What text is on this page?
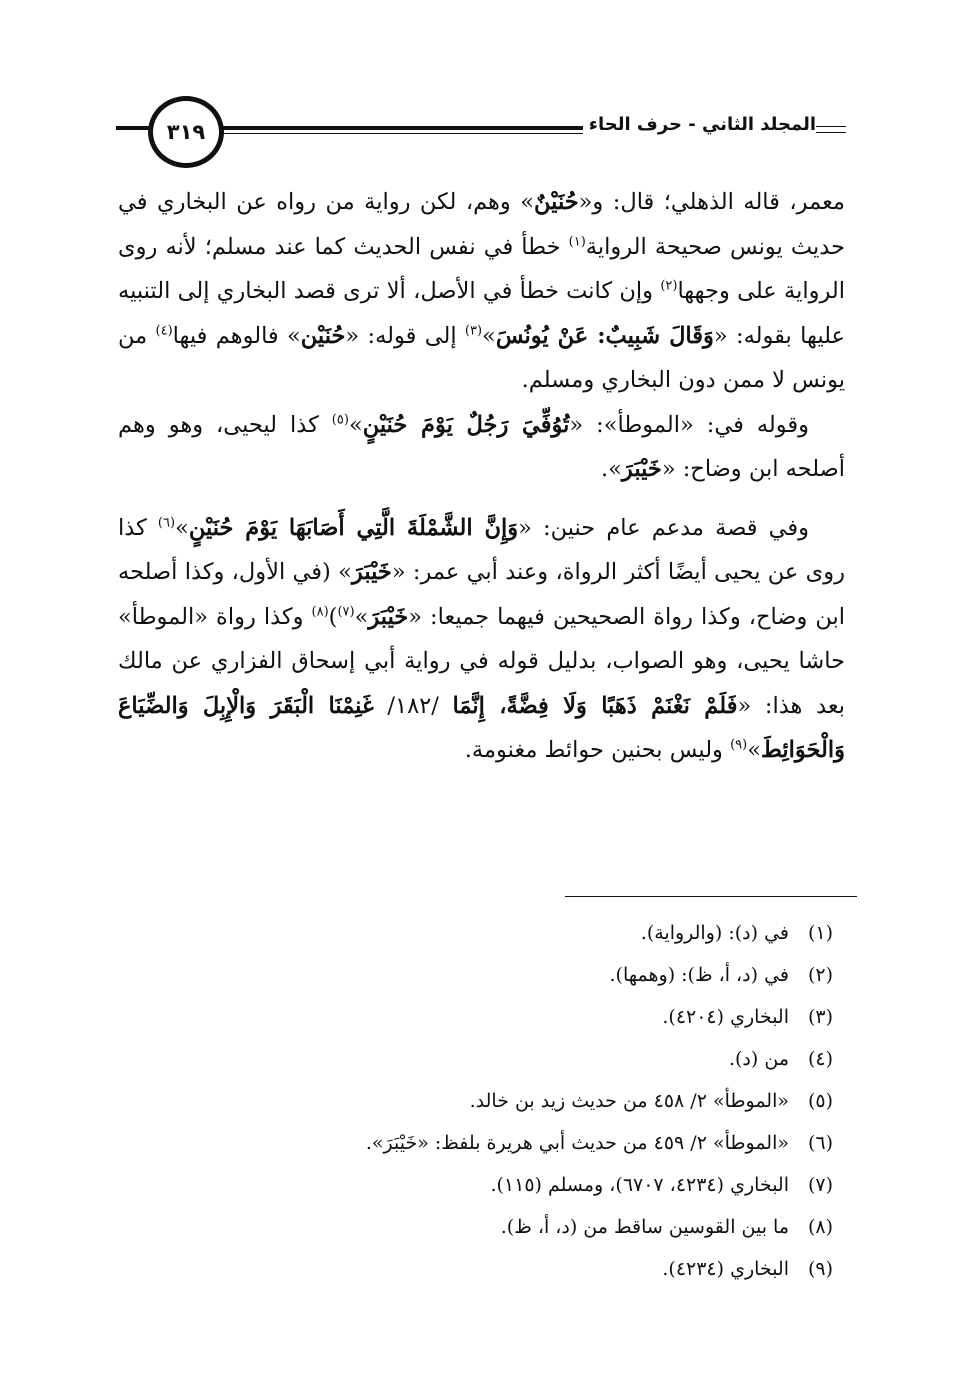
المجلد الثاني - حرف الحاء
٣١٩

معمر، قاله الذهلي؛ قال: و«حُنَيْنٌ» وهم، لكن رواية من رواه عن البخاري في حديث يونس صحيحة الرواية$^{(١)}$ خطأ في نفس الحديث كما عند مسلم؛ لأنه روى الرواية على وجهها$^{(٢)}$ وإن كانت خطأ في الأصل، ألا ترى قصد البخاري إلى التنبيه عليها بقوله: «وَقَالَ شَبِيبٌ: عَنْ يُونُسَ»$^{(٣)}$ إلى قوله: «حُنَيْن» فالوهم فيها$^{(٤)}$ من يونس لا ممن دون البخاري ومسلم.

وقوله في: «الموطأ»: «تُوُفِّيَ رَجُلٌ يَوْمَ حُنَيْنٍ»$^{(٥)}$ كذا ليحيى، وهو وهم أصلحه ابن وضاح: «خَيْبَرَ».

وفي قصة مدعم عام حنين: «وَإِنَّ الشَّمْلَةَ الَّتِي أَصَابَهَا يَوْمَ حُنَيْنٍ»$^{(٦)}$ كذا روى عن يحيى أيضًا أكثر الرواة، وعند أبي عمر: «خَيْبَرَ» (في الأول، وكذا أصلحه ابن وضاح، وكذا رواة الصحيحين فيهما جميعا: «خَيْبَرَ»$^{(٧)}$)$^{(٨)}$ وكذا رواة «الموطأ» حاشا يحيى، وهو الصواب، بدليل قوله في رواية أبي إسحاق الفزاري عن مالك بعد هذا: «فَلَمْ نَغْنَمْ ذَهَبًا وَلَا فِضَّةً، إِنَّمَا /١٨٢/ غَنِمْنَا الْبَقَرَ وَالْإِبِلَ وَالضِّيَاعَ وَالْحَوَائِطَ»$^{(٩)}$ وليس بحنين حوائط مغنومة.

(١)في (د): (والرواية).
(٢)في (د، أ، ظ): (وهمها).
(٣)البخاري (٤٢٠٤).
(٤)من (د).
(٥)«الموطأ» ٢/ ٤٥٨ من حديث زيد بن خالد.
(٦)«الموطأ» ٢/ ٤٥٩ من حديث أبي هريرة بلفظ: «خَيْبَرَ».
(٧)البخاري (٤٢٣٤، ٦٧٠٧)، ومسلم (١١٥).
(٨)ما بين القوسين ساقط من (د، أ، ظ).
(٩)البخاري (٤٢٣٤).
